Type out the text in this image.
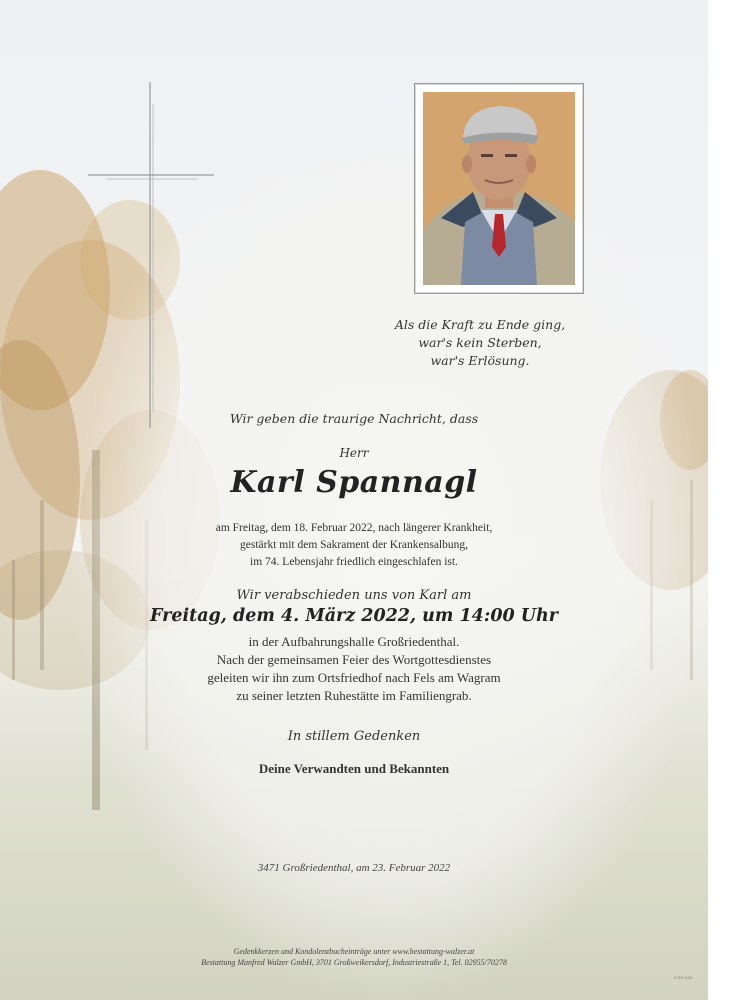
Als die Kraft zu Ende ging,
war's kein Sterben,
war's Erlösung.
Wir geben die traurige Nachricht, dass
Herr
Karl Spannagl
am Freitag, dem 18. Februar 2022, nach längerer Krankheit,
gestärkt mit dem Sakrament der Krankensalbung,
im 74. Lebensjahr friedlich eingeschlafen ist.
Wir verabschieden uns von Karl am
Freitag, dem 4. März 2022, um 14:00 Uhr
in der Aufbahrungshalle Großriedenthal.
Nach der gemeinsamen Feier des Wortgottesdienstes
geleiten wir ihn zum Ortsfriedhof nach Fels am Wagram
zu seiner letzten Ruhestätte im Familiengrab.
In stillem Gedenken
Deine Verwandten und Bekannten
3471 Großriedenthal, am 23. Februar 2022
Gedenkkerzen und Kondolenzbucheinträge unter www.bestattung-walzer.at
Bestattung Manfred Walzer GmbH, 3701 Großweikersdorf, Industriestraße 1, Tel. 02955/70278
© BP 0/23
